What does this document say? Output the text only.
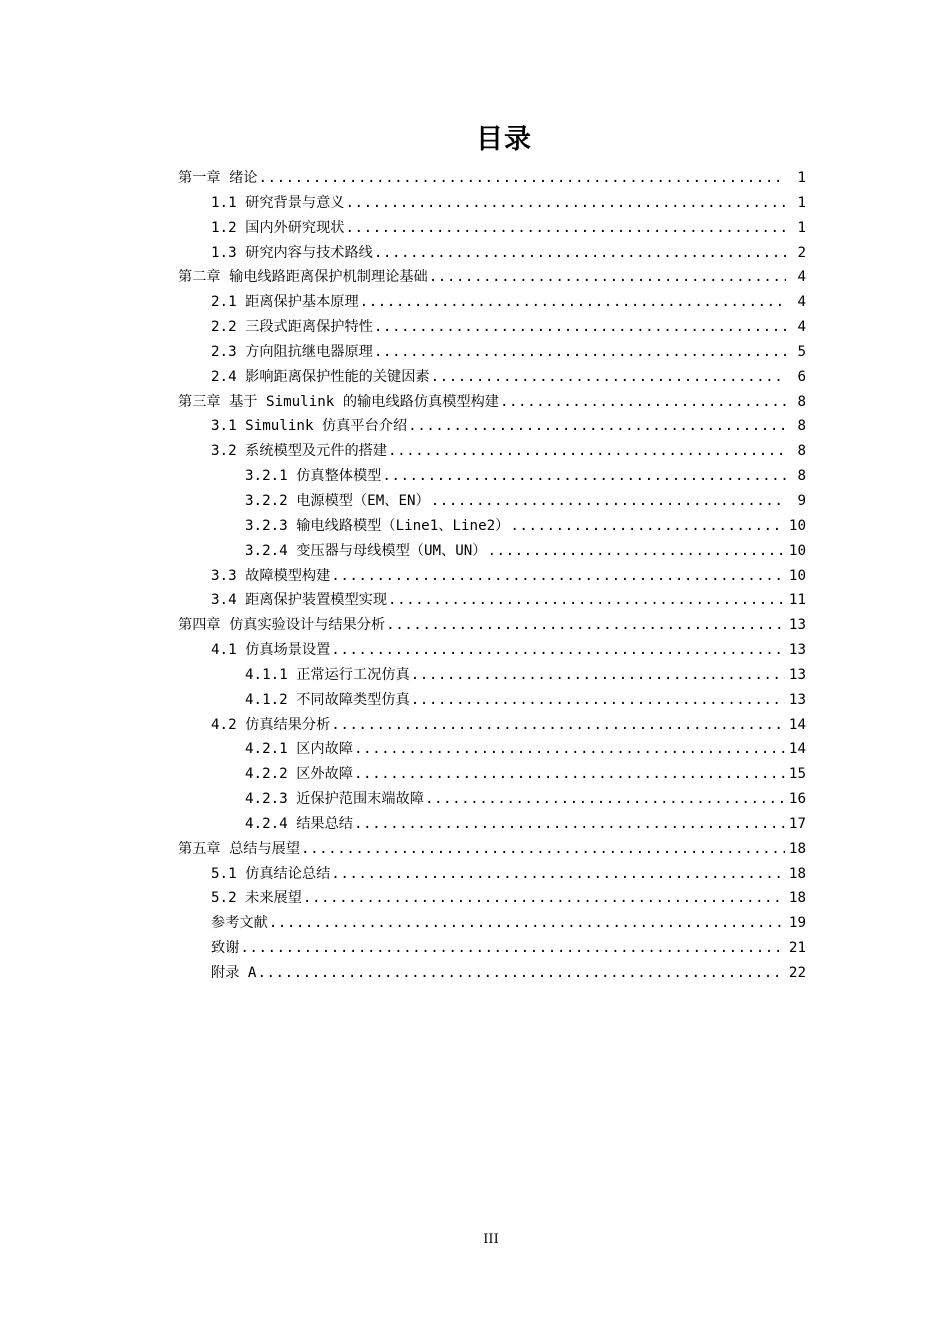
目录
第一章 绪论 .....	1
1.1 研究背景与意义 .....	1
1.2 国内外研究现状 .....	1
1.3 研究内容与技术路线 .....	2
第二章 输电线路距离保护机制理论基础 .....	4
2.1 距离保护基本原理 .....	4
2.2 三段式距离保护特性 .....	4
2.3 方向阻抗继电器原理 .....	5
2.4 影响距离保护性能的关键因素 .....	6
第三章 基于 Simulink 的输电线路仿真模型构建 .....	8
3.1 Simulink 仿真平台介绍 .....	8
3.2 系统模型及元件的搭建 .....	8
3.2.1 仿真整体模型 .....	8
3.2.2 电源模型（EM、EN） .....	9
3.2.3 输电线路模型（Line1、Line2） .....	10
3.2.4 变压器与母线模型（UM、UN） .....	10
3.3 故障模型构建 .....	10
3.4 距离保护装置模型实现 .....	11
第四章 仿真实验设计与结果分析 .....	13
4.1 仿真场景设置 .....	13
4.1.1 正常运行工况仿真 .....	13
4.1.2 不同故障类型仿真 .....	13
4.2 仿真结果分析 .....	14
4.2.1 区内故障 .....	14
4.2.2 区外故障 .....	15
4.2.3 近保护范围末端故障 .....	16
4.2.4 结果总结 .....	17
第五章 总结与展望 .....	18
5.1 仿真结论总结 .....	18
5.2 未来展望 .....	18
参考文献 .....	19
致谢 .....	21
附录 A .....	22
III
